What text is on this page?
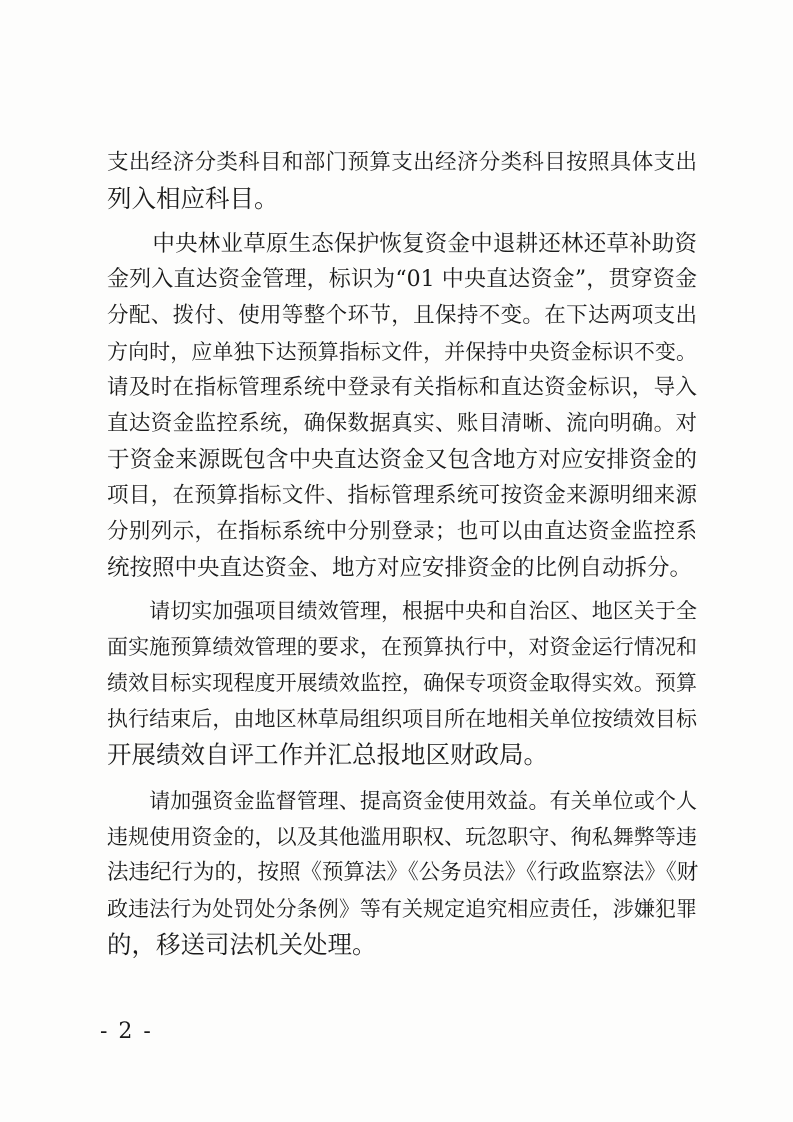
支出经济分类科目和部门预算支出经济分类科目按照具体支出
列入相应科目。
　　中央林业草原生态保护恢复资金中退耕还林还草补助资
金列入直达资金管理，标识为“01 中央直达资金”，贯穿资金
分配、拨付、使用等整个环节，且保持不变。在下达两项支出
方向时，应单独下达预算指标文件，并保持中央资金标识不变。
请及时在指标管理系统中登录有关指标和直达资金标识，导入
直达资金监控系统，确保数据真实、账目清晰、流向明确。对
于资金来源既包含中央直达资金又包含地方对应安排资金的
项目，在预算指标文件、指标管理系统可按资金来源明细来源
分别列示，在指标系统中分别登录；也可以由直达资金监控系
统按照中央直达资金、地方对应安排资金的比例自动拆分。
　　请切实加强项目绩效管理，根据中央和自治区、地区关于全
面实施预算绩效管理的要求，在预算执行中，对资金运行情况和
绩效目标实现程度开展绩效监控，确保专项资金取得实效。预算
执行结束后，由地区林草局组织项目所在地相关单位按绩效目标
开展绩效自评工作并汇总报地区财政局。
　　请加强资金监督管理、提高资金使用效益。有关单位或个人
违规使用资金的，以及其他滥用职权、玩忽职守、徇私舞弊等违
法违纪行为的，按照《预算法》《公务员法》《行政监察法》《财
政违法行为处罚处分条例》等有关规定追究相应责任，涉嫌犯罪
的，移送司法机关处理。
- 2 -
